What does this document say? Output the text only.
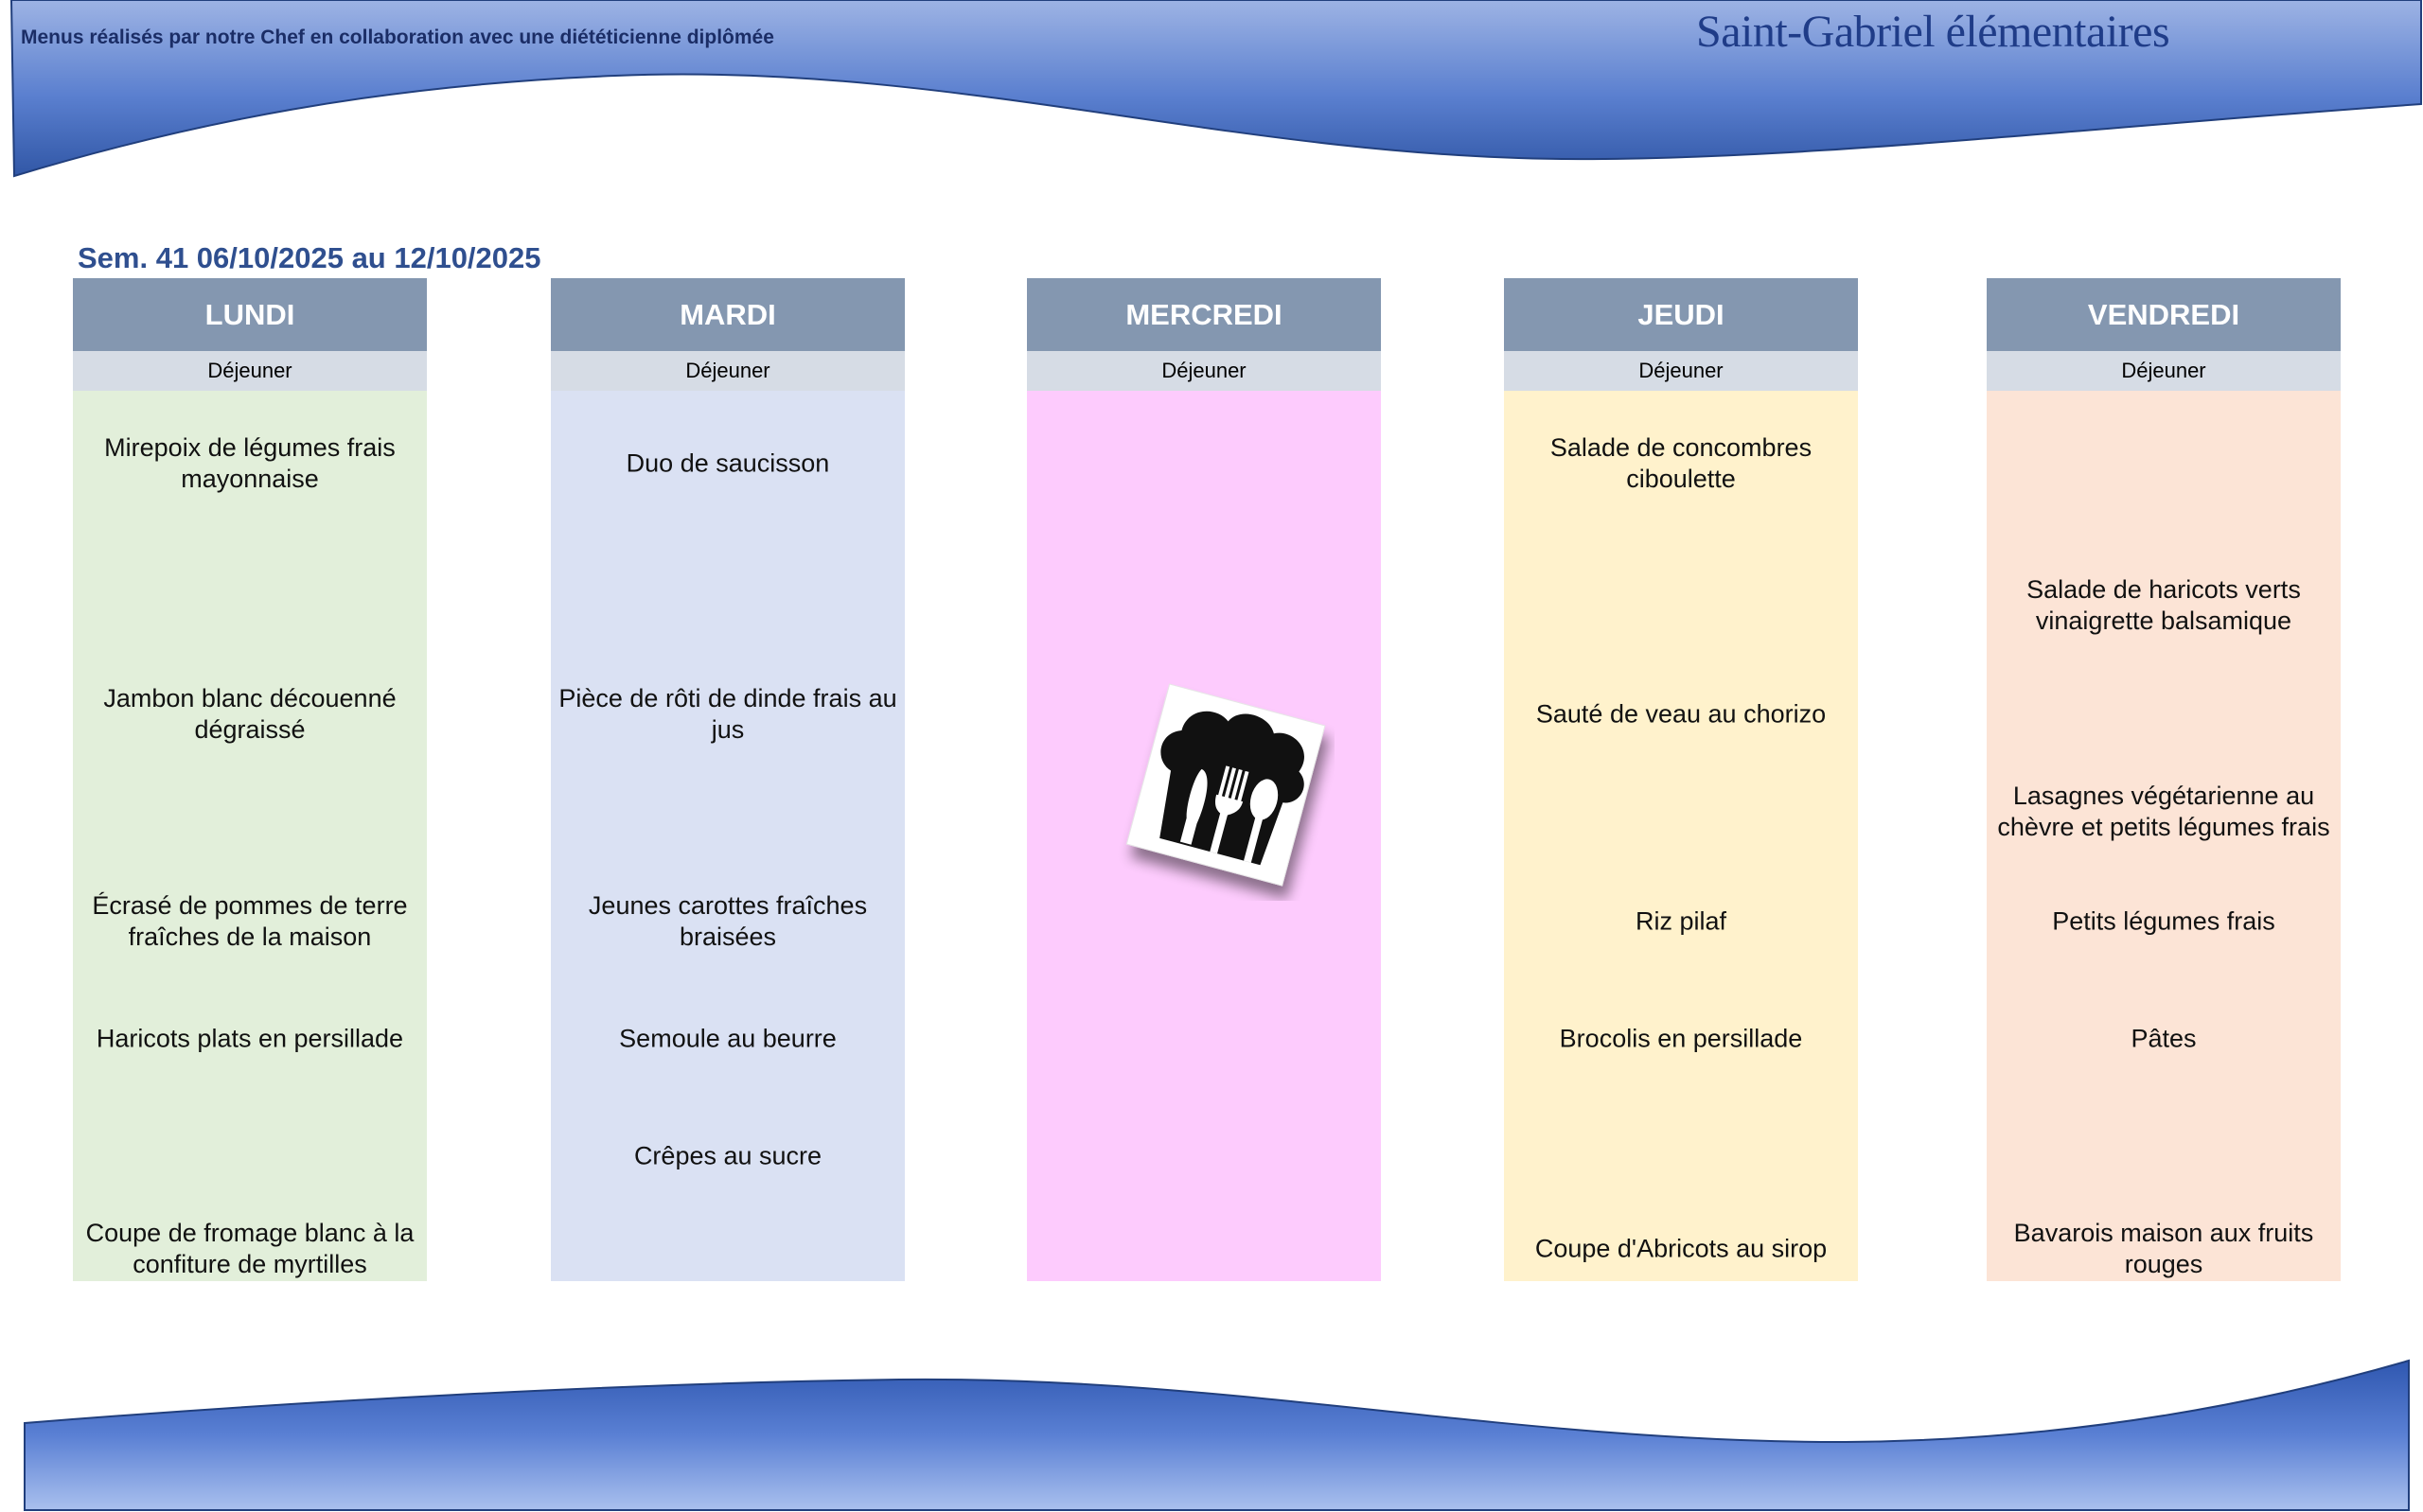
Menus réalisés par notre Chef en collaboration avec une diététicienne diplômée	Saint-Gabriel élémentaires
Sem. 41 06/10/2025 au 12/10/2025
LUNDI
Déjeuner
Mirepoix de légumes frais mayonnaise
Jambon blanc découenné dégraissé
Écrasé de pommes de terre fraîches de la maison
Haricots plats en persillade
Coupe de fromage blanc à la confiture de myrtilles
MARDI
Déjeuner
Duo de saucisson
Pièce de rôti de dinde frais au jus
Jeunes carottes fraîches braisées
Semoule au beurre
Crêpes au sucre
MERCREDI
Déjeuner
JEUDI
Déjeuner
Salade de concombres ciboulette
Sauté de veau au chorizo
Riz pilaf
Brocolis en persillade
Coupe d'Abricots au sirop
VENDREDI
Déjeuner
Salade de haricots verts vinaigrette balsamique
Lasagnes végétarienne au chèvre et petits légumes frais
Petits légumes frais
Pâtes
Bavarois maison aux fruits rouges
